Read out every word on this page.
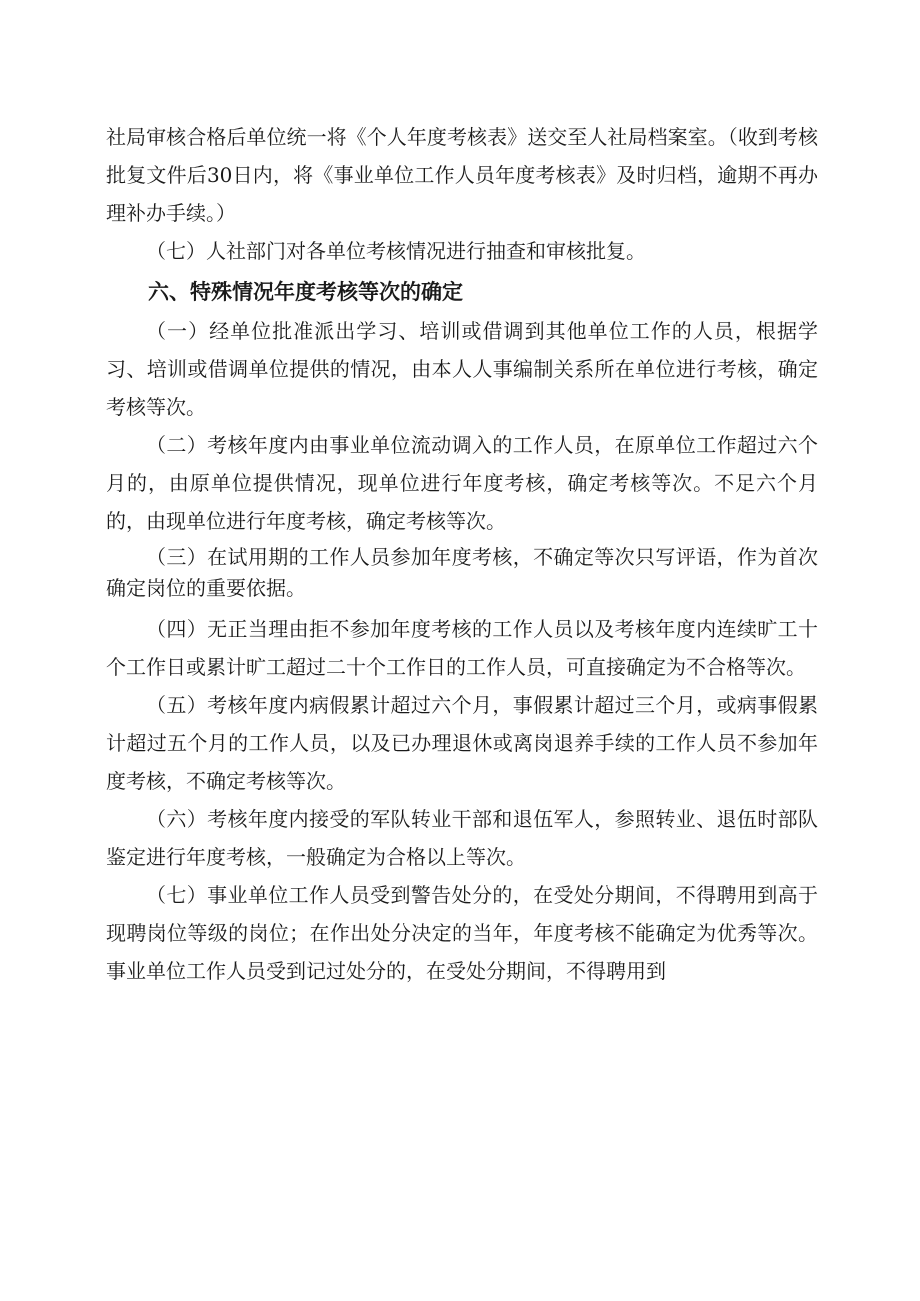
社局审核合格后单位统一将《个人年度考核表》送交至人社局档案室。（收到考核批复文件后30日内，将《事业单位工作人员年度考核表》及时归档，逾期不再办理补办手续。）

（七）人社部门对各单位考核情况进行抽查和审核批复。

六、特殊情况年度考核等次的确定

（一）经单位批准派出学习、培训或借调到其他单位工作的人员，根据学习、培训或借调单位提供的情况，由本人人事编制关系所在单位进行考核，确定考核等次。

（二）考核年度内由事业单位流动调入的工作人员，在原单位工作超过六个月的，由原单位提供情况，现单位进行年度考核，确定考核等次。不足六个月的，由现单位进行年度考核，确定考核等次。

（三）在试用期的工作人员参加年度考核，不确定等次只写评语，作为首次确定岗位的重要依据。

（四）无正当理由拒不参加年度考核的工作人员以及考核年度内连续旷工十个工作日或累计旷工超过二十个工作日的工作人员，可直接确定为不合格等次。

（五）考核年度内病假累计超过六个月，事假累计超过三个月，或病事假累计超过五个月的工作人员，以及已办理退休或离岗退养手续的工作人员不参加年度考核，不确定考核等次。

（六）考核年度内接受的军队转业干部和退伍军人，参照转业、退伍时部队鉴定进行年度考核，一般确定为合格以上等次。

（七）事业单位工作人员受到警告处分的，在受处分期间，不得聘用到高于现聘岗位等级的岗位；在作出处分决定的当年，年度考核不能确定为优秀等次。事业单位工作人员受到记过处分的，在受处分期间，不得聘用到
